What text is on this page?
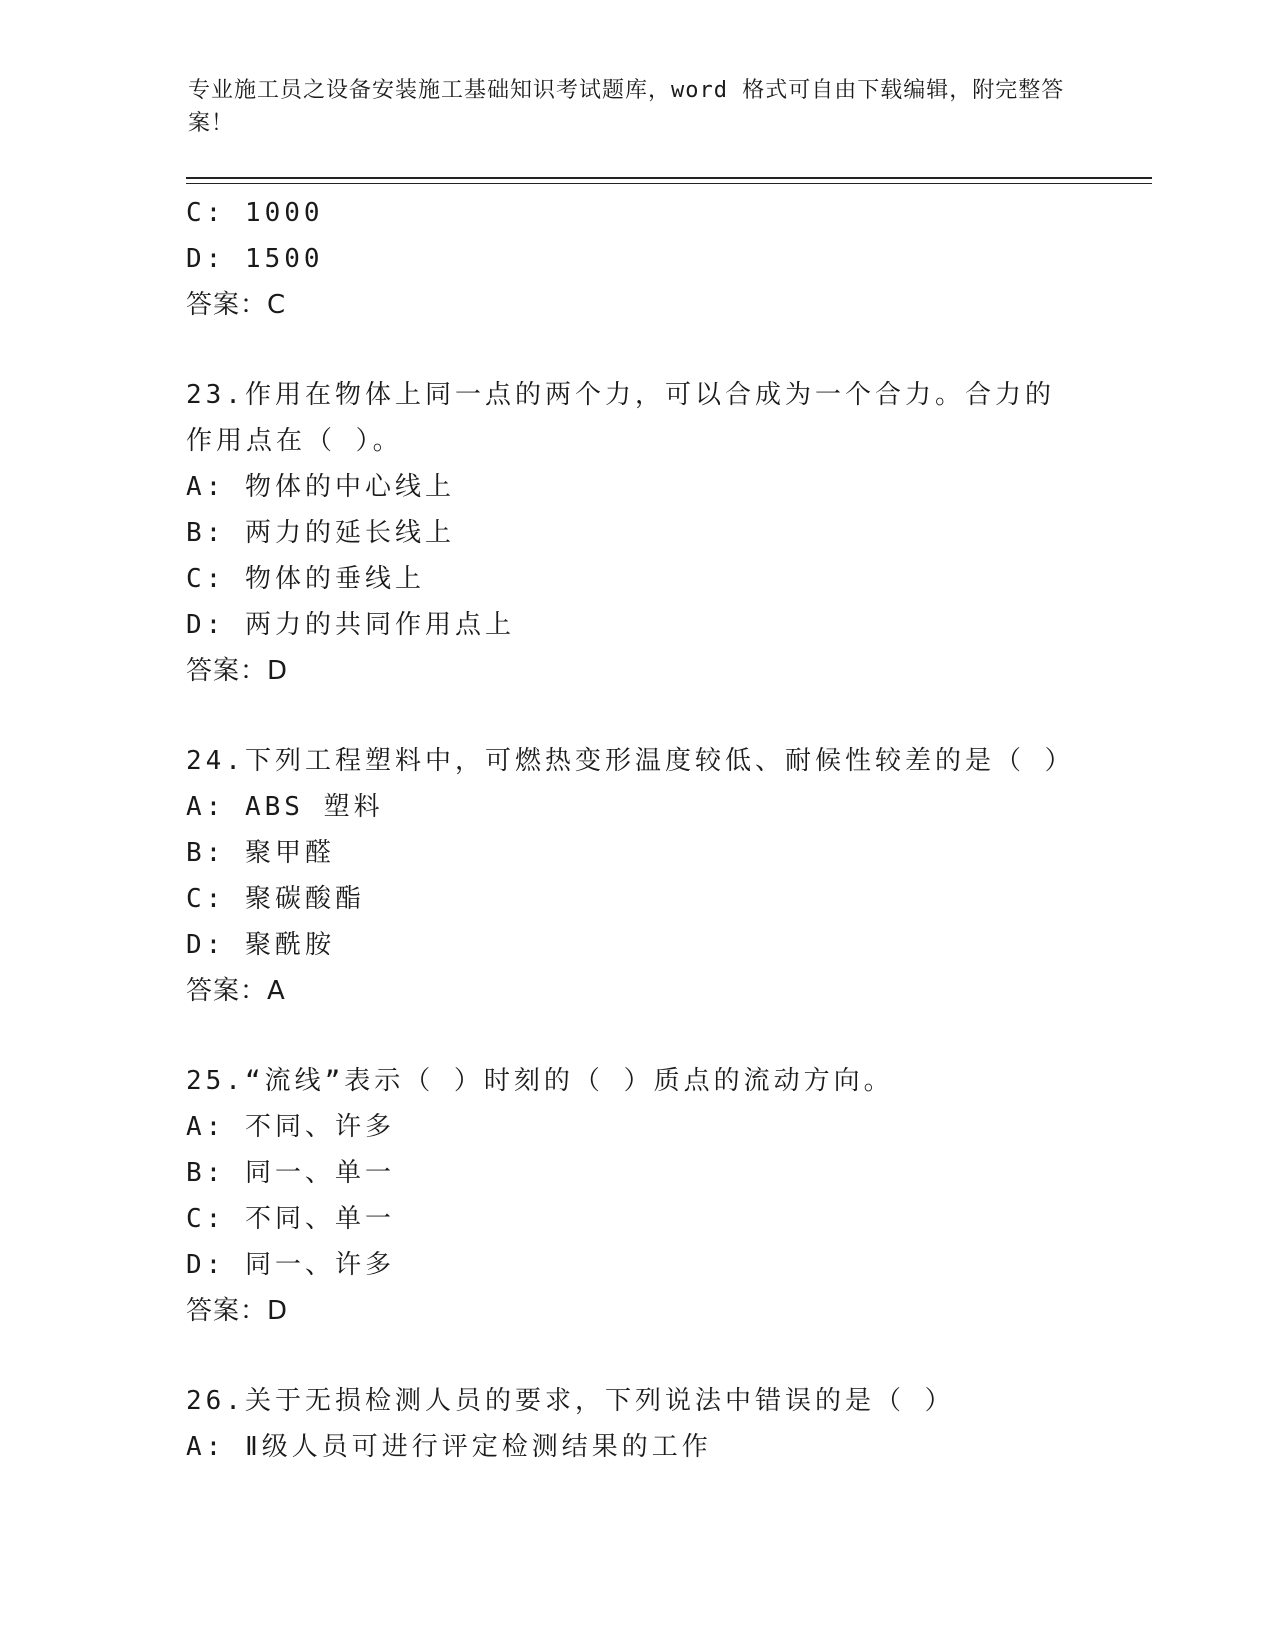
专业施工员之设备安装施工基础知识考试题库，word 格式可自由下载编辑，附完整答案！
C: 1000
D: 1500
答案：C
23.作用在物体上同一点的两个力，可以合成为一个合力。合力的作用点在（ ）。
A: 物体的中心线上
B: 两力的延长线上
C: 物体的垂线上
D: 两力的共同作用点上
答案：D
24.下列工程塑料中，可燃热变形温度较低、耐候性较差的是（ ）
A: ABS 塑料
B: 聚甲醛
C: 聚碳酸酯
D: 聚酰胺
答案：A
25.“流线”表示（ ）时刻的（ ）质点的流动方向。
A: 不同、许多
B: 同一、单一
C: 不同、单一
D: 同一、许多
答案：D
26.关于无损检测人员的要求，下列说法中错误的是（ ）
A: Ⅱ级人员可进行评定检测结果的工作
